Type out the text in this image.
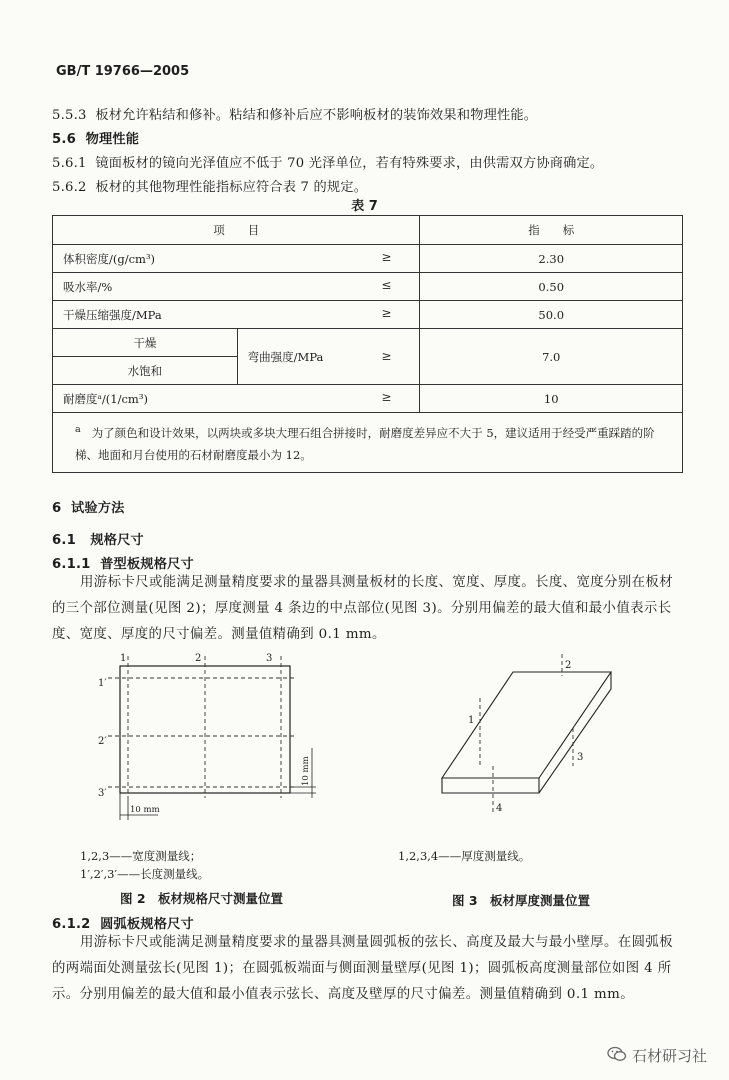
GB/T 19766—2005
5.5.3 板材允许粘结和修补。粘结和修补后应不影响板材的装饰效果和物理性能。
5.6 物理性能
5.6.1 镜面板材的镜向光泽值应不低于 70 光泽单位，若有特殊要求，由供需双方协商确定。
5.6.2 板材的其他物理性能指标应符合表 7 的规定。
表 7
项　　目		指　　标
体积密度/(g/cm³) ≥		2.30
吸水率/% ≤		0.50
干燥压缩强度/MPa ≥		50.0
干燥	弯曲强度/MPa ≥	7.0
水饱和		
耐磨度ᵃ/(1/cm³) ≥		10
$^a$ 为了颜色和设计效果，以两块或多块大理石组合拼接时，耐磨度差异应不大于 5，建议适用于经受严重踩踏的阶梯、地面和月台使用的石材耐磨度最小为 12。		
6 试验方法
6.1 规格尺寸
6.1.1 普型板规格尺寸
用游标卡尺或能满足测量精度要求的量器具测量板材的长度、宽度、厚度。长度、宽度分别在板材的三个部位测量(见图 2)；厚度测量 4 条边的中点部位(见图 3)。分别用偏差的最大值和最小值表示长度、宽度、厚度的尺寸偏差。测量值精确到 0.1 mm。
1	2	3
1′
2′
3′
10 mm
10 mm
1
2
3
4
1,2,3——宽度测量线；
1′,2′,3′——长度测量线。
1,2,3,4——厚度测量线。
图 2　板材规格尺寸测量位置	图 3　板材厚度测量位置
6.1.2 圆弧板规格尺寸
用游标卡尺或能满足测量精度要求的量器具测量圆弧板的弦长、高度及最大与最小壁厚。在圆弧板的两端面处测量弦长(见图 1)；在圆弧板端面与侧面测量壁厚(见图 1)；圆弧板高度测量部位如图 4 所示。分别用偏差的最大值和最小值表示弦长、高度及壁厚的尺寸偏差。测量值精确到 0.1 mm。
石材研习社
